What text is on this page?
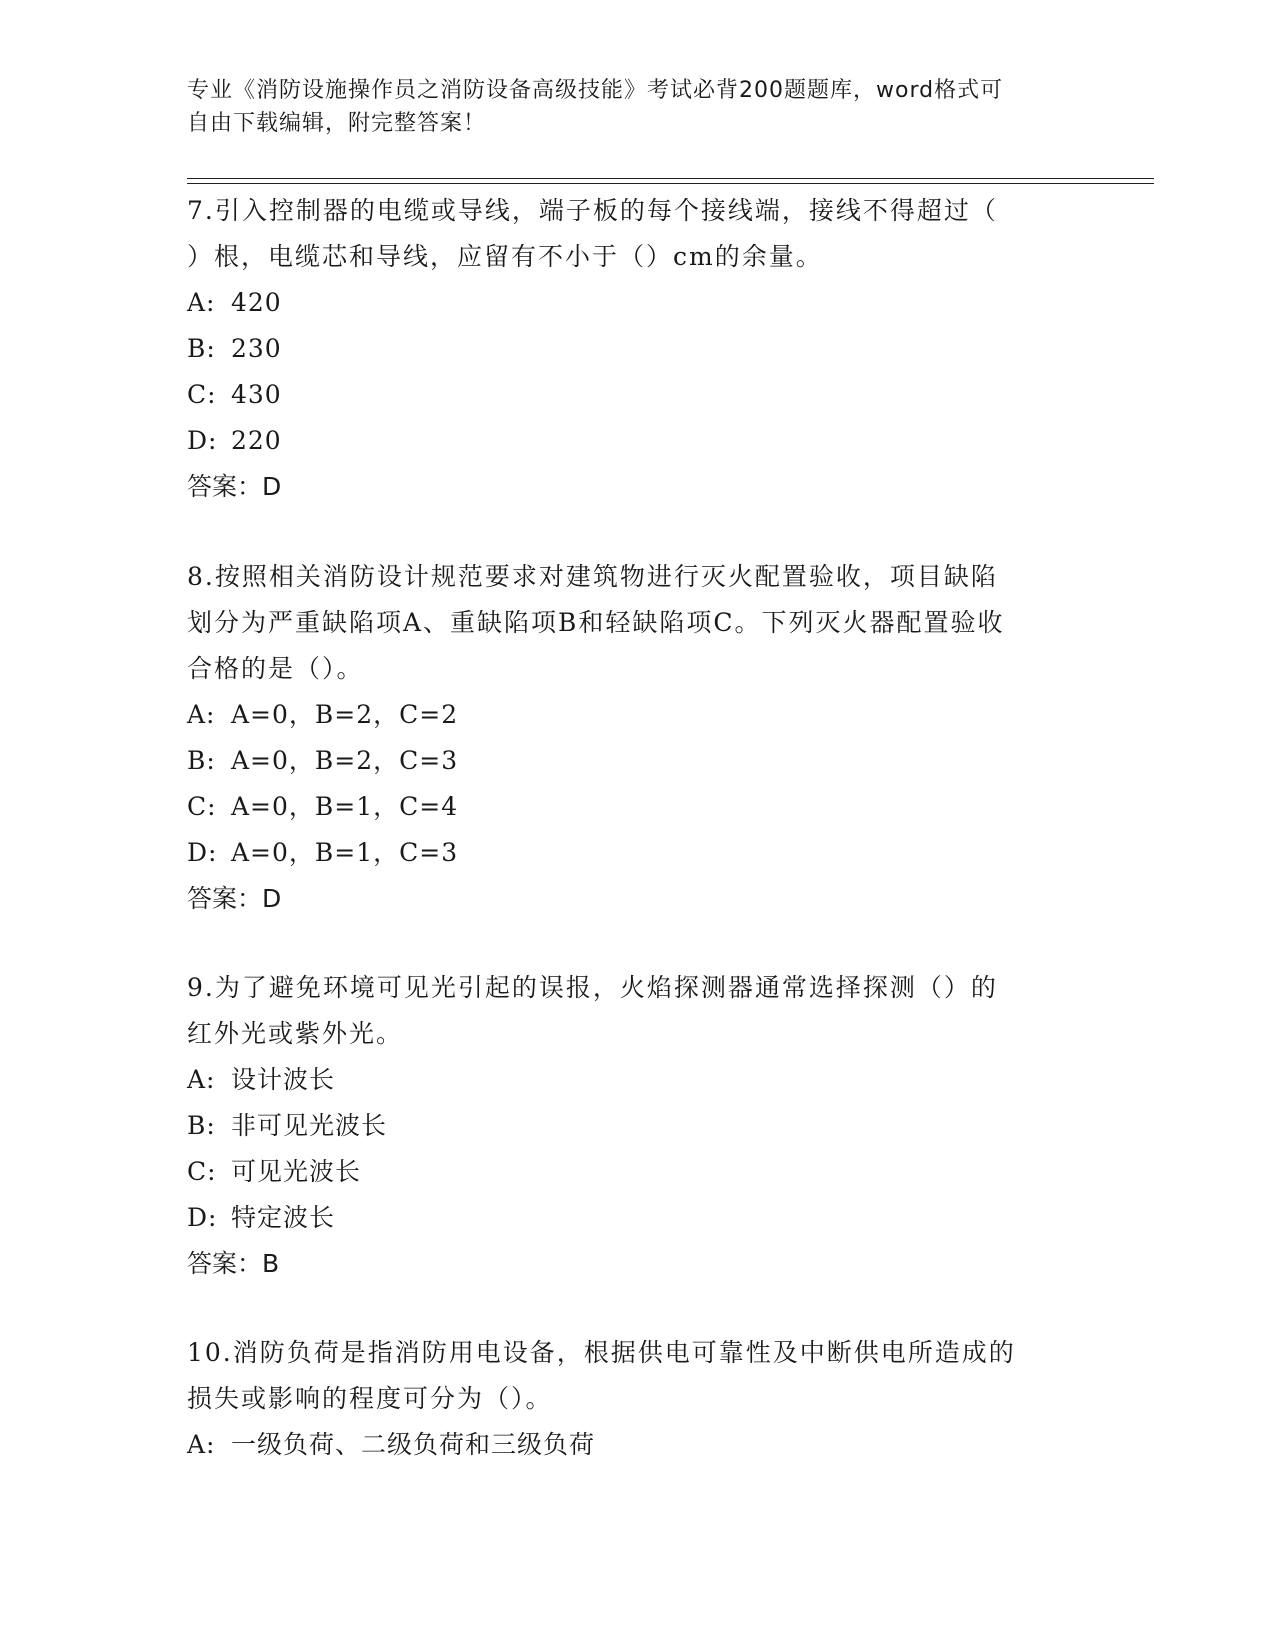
专业《消防设施操作员之消防设备高级技能》考试必背200题题库，word格式可
自由下载编辑，附完整答案！

7.引入控制器的电缆或导线，端子板的每个接线端，接线不得超过（

）根，电缆芯和导线，应留有不小于（）cm的余量。

A: 420

B: 230

C: 430

D: 220

答案：D

8.按照相关消防设计规范要求对建筑物进行灭火配置验收，项目缺陷

划分为严重缺陷项A、重缺陷项B和轻缺陷项C。下列灭火器配置验收

合格的是（）。

A: A=0，B=2，C=2

B: A=0，B=2，C=3

C: A=0，B=1，C=4

D: A=0，B=1，C=3

答案：D

9.为了避免环境可见光引起的误报，火焰探测器通常选择探测（）的

红外光或紫外光。

A: 设计波长

B: 非可见光波长

C: 可见光波长

D: 特定波长

答案：B

10.消防负荷是指消防用电设备，根据供电可靠性及中断供电所造成的

损失或影响的程度可分为（）。

A: 一级负荷、二级负荷和三级负荷
